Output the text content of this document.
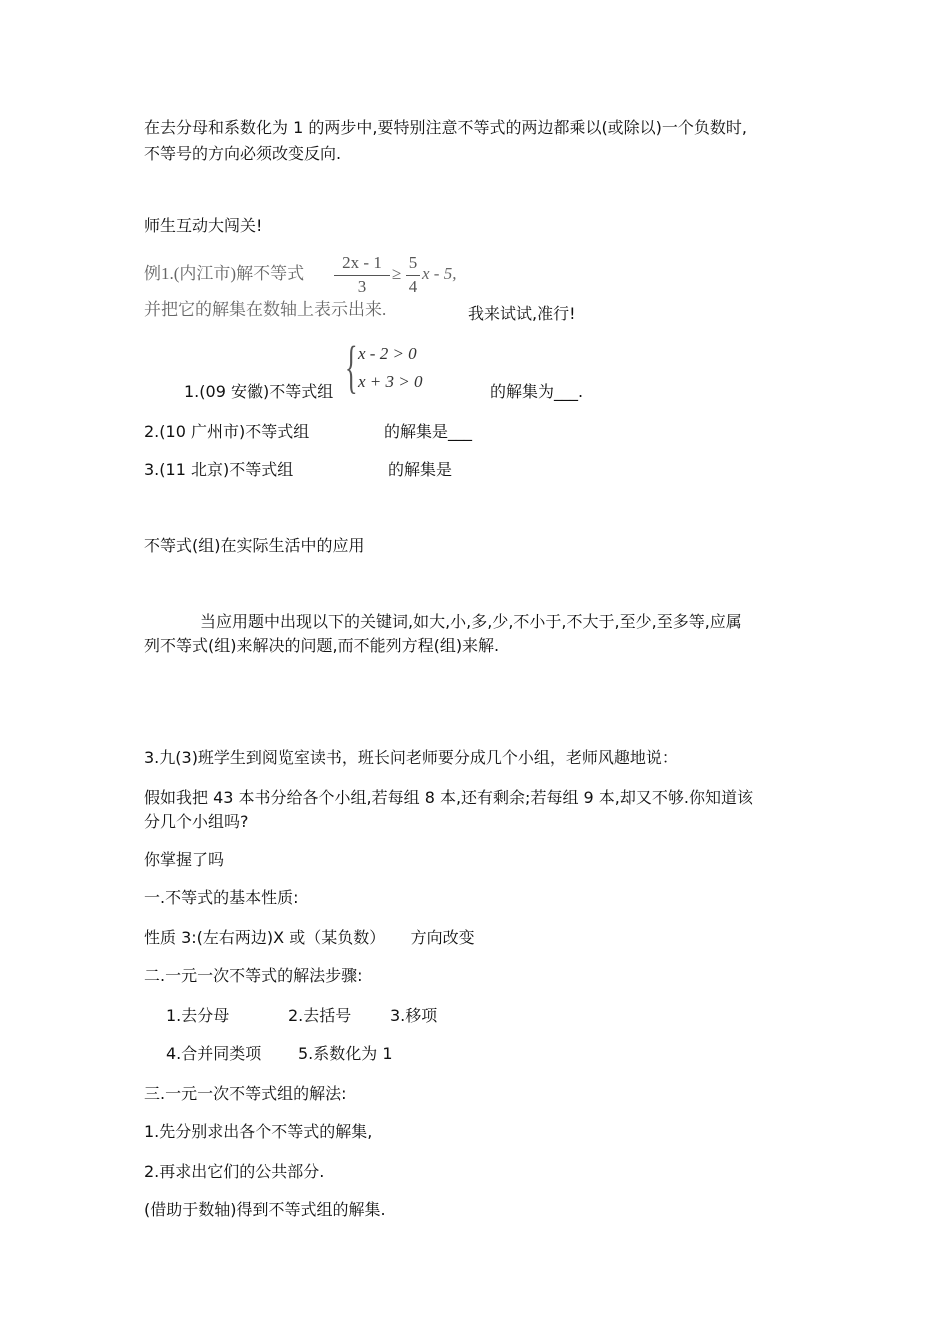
在去分母和系数化为 1 的两步中,要特别注意不等式的两边都乘以(或除以)一个负数时,
不等号的方向必须改变反向.
师生互动大闯关!
例1.(内江市)解不等式
2x - 1
3
≥
5
4
x - 5,
并把它的解集在数轴上表示出来.	我来试试,准行!
1.(09 安徽)不等式组 { x - 2 > 0
x + 3 > 0
的解集为___.
2.(10 广州市)不等式组	的解集是___
3.(11 北京)不等式组	的解集是
不等式(组)在实际生活中的应用
当应用题中出现以下的关键词,如大,小,多,少,不小于,不大于,至少,至多等,应属
列不等式(组)来解决的问题,而不能列方程(组)来解.
3.九(3)班学生到阅览室读书，班长问老师要分成几个小组，老师风趣地说：
假如我把 43 本书分给各个小组,若每组 8 本,还有剩余;若每组 9 本,却又不够.你知道该
分几个小组吗?
你掌握了吗
一.不等式的基本性质:
性质 3:(左右两边)X 或（某负数）     方向改变
二.一元一次不等式的解法步骤:
1.去分母	2.去括号 3.移项
4.合并同类项 5.系数化为 1
三.一元一次不等式组的解法:
1.先分别求出各个不等式的解集,
2.再求出它们的公共部分.
(借助于数轴)得到不等式组的解集.
